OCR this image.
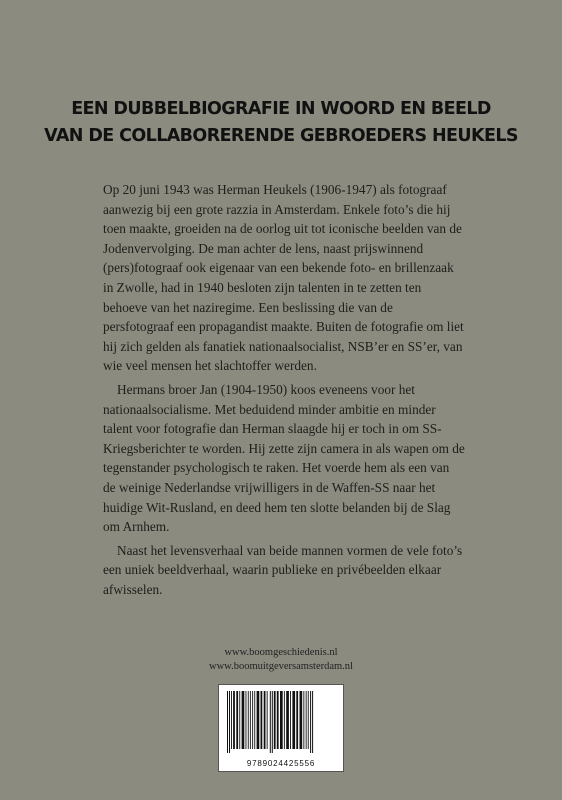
EEN DUBBELBIOGRAFIE IN WOORD EN BEELD
VAN DE COLLABORERENDE GEBROEDERS HEUKELS

Op 20 juni 1943 was Herman Heukels (1906-1947) als fotograaf aanwezig bij een grote razzia in Amsterdam. Enkele foto’s die hij toen maakte, groeiden na de oorlog uit tot iconische beelden van de Jodenvervolging. De man achter de lens, naast prijswinnend (pers)fotograaf ook eigenaar van een bekende foto- en brillenzaak in Zwolle, had in 1940 besloten zijn talenten in te zetten ten behoeve van het naziregime. Een beslissing die van de persfotograaf een propagandist maakte. Buiten de fotografie om liet hij zich gelden als fanatiek nationaalsocialist, NSB’er en SS’er, van wie veel mensen het slachtoffer werden.

Hermans broer Jan (1904-1950) koos eveneens voor het nationaalsocialisme. Met beduidend minder ambitie en minder talent voor fotografie dan Herman slaagde hij er toch in om SS-Kriegsberichter te worden. Hij zette zijn camera in als wapen om de tegenstander psychologisch te raken. Het voerde hem als een van de weinige Nederlandse vrijwilligers in de Waffen-SS naar het huidige Wit-Rusland, en deed hem ten slotte belanden bij de Slag om Arnhem.

Naast het levensverhaal van beide mannen vormen de vele foto’s een uniek beeldverhaal, waarin publieke en privébeelden elkaar afwisselen.

www.boomgeschiedenis.nl
www.boomuitgeversamsterdam.nl
9789024425556
